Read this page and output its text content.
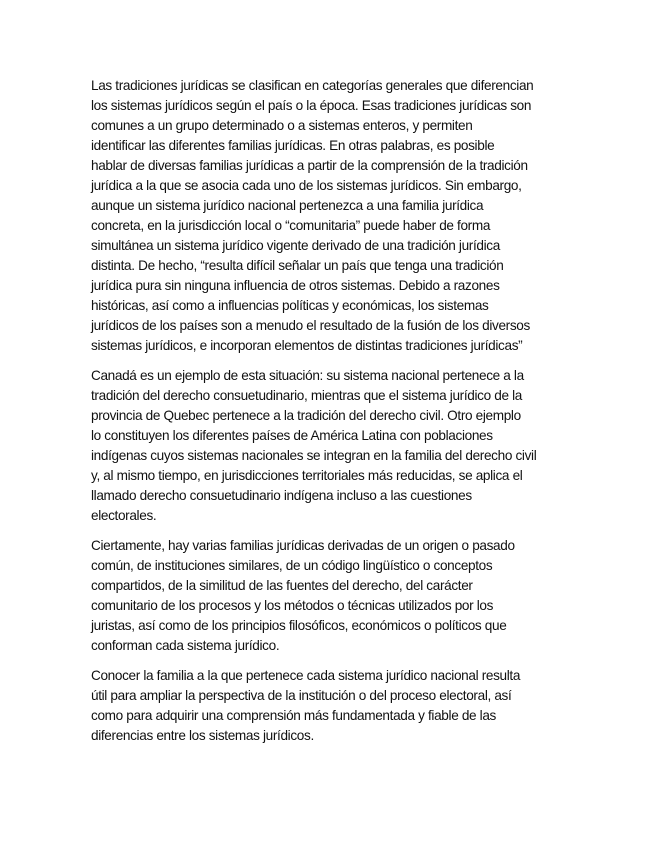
Las tradiciones jurídicas se clasifican en categorías generales que diferencian
los sistemas jurídicos según el país o la época. Esas tradiciones jurídicas son
comunes a un grupo determinado o a sistemas enteros, y permiten
identificar las diferentes familias jurídicas. En otras palabras, es posible
hablar de diversas familias jurídicas a partir de la comprensión de la tradición
jurídica a la que se asocia cada uno de los sistemas jurídicos. Sin embargo,
aunque un sistema jurídico nacional pertenezca a una familia jurídica
concreta, en la jurisdicción local o “comunitaria” puede haber de forma
simultánea un sistema jurídico vigente derivado de una tradición jurídica
distinta. De hecho, “resulta difícil señalar un país que tenga una tradición
jurídica pura sin ninguna influencia de otros sistemas. Debido a razones
históricas, así como a influencias políticas y económicas, los sistemas
jurídicos de los países son a menudo el resultado de la fusión de los diversos
sistemas jurídicos, e incorporan elementos de distintas tradiciones jurídicas”

Canadá es un ejemplo de esta situación: su sistema nacional pertenece a la
tradición del derecho consuetudinario, mientras que el sistema jurídico de la
provincia de Quebec pertenece a la tradición del derecho civil. Otro ejemplo
lo constituyen los diferentes países de América Latina con poblaciones
indígenas cuyos sistemas nacionales se integran en la familia del derecho civil
y, al mismo tiempo, en jurisdicciones territoriales más reducidas, se aplica el
llamado derecho consuetudinario indígena incluso a las cuestiones
electorales.

Ciertamente, hay varias familias jurídicas derivadas de un origen o pasado
común, de instituciones similares, de un código lingüístico o conceptos
compartidos, de la similitud de las fuentes del derecho, del carácter
comunitario de los procesos y los métodos o técnicas utilizados por los
juristas, así como de los principios filosóficos, económicos o políticos que
conforman cada sistema jurídico.

Conocer la familia a la que pertenece cada sistema jurídico nacional resulta
útil para ampliar la perspectiva de la institución o del proceso electoral, así
como para adquirir una comprensión más fundamentada y fiable de las
diferencias entre los sistemas jurídicos.
